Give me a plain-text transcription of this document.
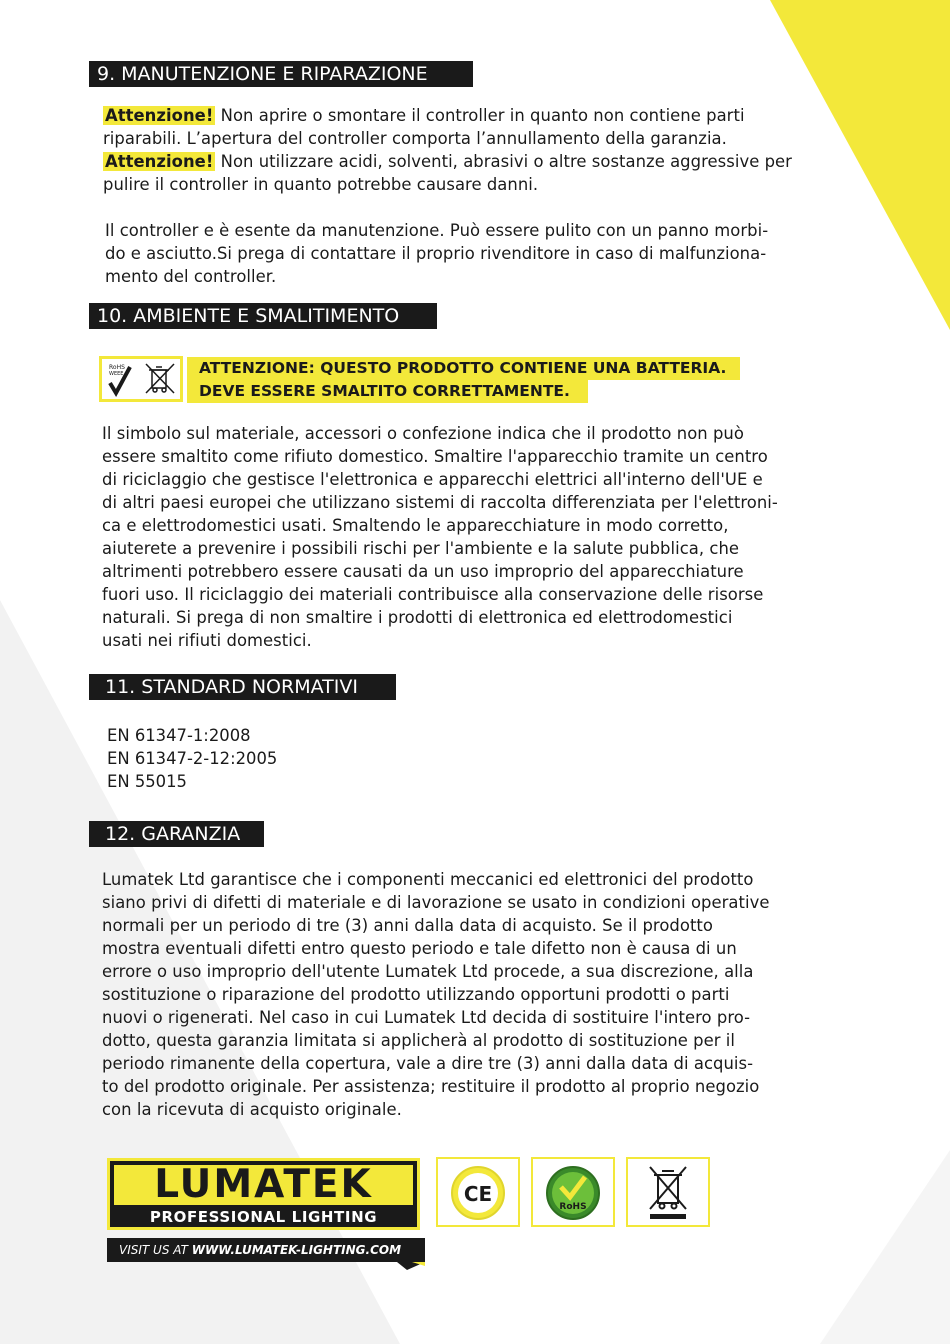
9. MANUTENZIONE E RIPARAZIONE

Attenzione! Non aprire o smontare il controller in quanto non contiene parti

riparabili. L’apertura del controller comporta l’annullamento della garanzia.

Attenzione! Non utilizzare acidi, solventi, abrasivi o altre sostanze aggressive per

pulire il controller in quanto potrebbe causare danni.

Il controller e è esente da manutenzione. Può essere pulito con un panno morbi-

do e asciutto.Si prega di contattare il proprio rivenditore in caso di malfunziona-

mento del controller.

10. AMBIENTE E SMALITIMENTO
RoHS
WEEE	ATTENZIONE: QUESTO PRODOTTO CONTIENE UNA BATTERIA.
DEVE ESSERE SMALTITO CORRETTAMENTE.

Il simbolo sul materiale, accessori o confezione indica che il prodotto non può

essere smaltito come rifiuto domestico. Smaltire l'apparecchio tramite un centro

di riciclaggio che gestisce l'elettronica e apparecchi elettrici all'interno dell'UE e

di altri paesi europei che utilizzano sistemi di raccolta differenziata per l'elettroni-

ca e elettrodomestici usati. Smaltendo le apparecchiature in modo corretto,

aiuterete a prevenire i possibili rischi per l'ambiente e la salute pubblica, che

altrimenti potrebbero essere causati da un uso improprio del apparecchiature

fuori uso. Il riciclaggio dei materiali contribuisce alla conservazione delle risorse

naturali. Si prega di non smaltire i prodotti di elettronica ed elettrodomestici

usati nei rifiuti domestici.

11. STANDARD NORMATIVI

EN 61347-1:2008

EN 61347-2-12:2005

EN 55015

12. GARANZIA

Lumatek Ltd garantisce che i componenti meccanici ed elettronici del prodotto

siano privi di difetti di materiale e di lavorazione se usato in condizioni operative

normali per un periodo di tre (3) anni dalla data di acquisto. Se il prodotto

mostra eventuali difetti entro questo periodo e tale difetto non è causa di un

errore o uso improprio dell'utente Lumatek Ltd procede, a sua discrezione, alla

sostituzione o riparazione del prodotto utilizzando opportuni prodotti o parti

nuovi o rigenerati. Nel caso in cui Lumatek Ltd decida di sostituire l'intero pro-

dotto, questa garanzia limitata si applicherà al prodotto di sostituzione per il

periodo rimanente della copertura, vale a dire tre (3) anni dalla data di acquis-

to del prodotto originale. Per assistenza; restituire il prodotto al proprio negozio

con la ricevuta di acquisto originale.

LUMATEK
PROFESSIONAL LIGHTING
VISIT US AT WWW.LUMATEK-LIGHTING.COM
CE
RoHS
